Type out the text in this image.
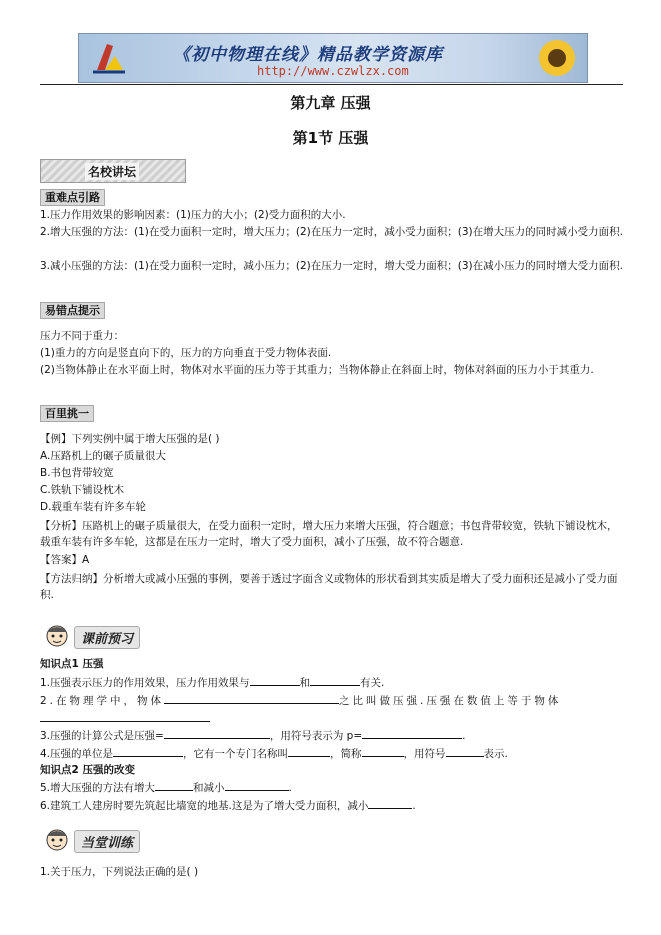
《初中物理在线》精品教学资源库
http://www.czwlzx.com
第九章 压强
第1节 压强
名校讲坛
重难点引路
1.压力作用效果的影响因素：(1)压力的大小；(2)受力面积的大小.
2.增大压强的方法：(1)在受力面积一定时，增大压力；(2)在压力一定时，减小受力面积；(3)在增大压力的同时减小受力面积.
3.减小压强的方法：(1)在受力面积一定时，减小压力；(2)在压力一定时，增大受力面积；(3)在减小压力的同时增大受力面积.
易错点提示
压力不同于重力：
(1)重力的方向是竖直向下的，压力的方向垂直于受力物体表面.
(2)当物体静止在水平面上时，物体对水平面的压力等于其重力；当物体静止在斜面上时，物体对斜面的压力小于其重力.
百里挑一
【例】下列实例中属于增大压强的是( )
A.压路机上的碾子质量很大
B.书包背带较宽
C.铁轨下铺设枕木
D.载重车装有许多车轮
【分析】压路机上的碾子质量很大，在受力面积一定时，增大压力来增大压强，符合题意；书包背带较宽，铁轨下铺设枕木，载重车装有许多车轮，这都是在压力一定时，增大了受力面积，减小了压强，故不符合题意.
【答案】A
【方法归纳】分析增大或减小压强的事例，要善于透过字面含义或物体的形状看到其实质是增大了受力面积还是减小了受力面积.
课前预习
知识点1 压强
1.压强表示压力的作用效果，压力作用效果与	和	有关.
2.在物理学中，物体	之比叫做压强.压强在数值上等于物体
3.压强的计算公式是压强=	，用符号表示为 p=	.
4.压强的单位是	，它有一个专门名称叫	，简称	，用符号	表示.
知识点2 压强的改变
5.增大压强的方法有增大	和减小	.
6.建筑工人建房时要先筑起比墙宽的地基.这是为了增大受力面积，减小	.
当堂训练
1.关于压力，下列说法正确的是( )
